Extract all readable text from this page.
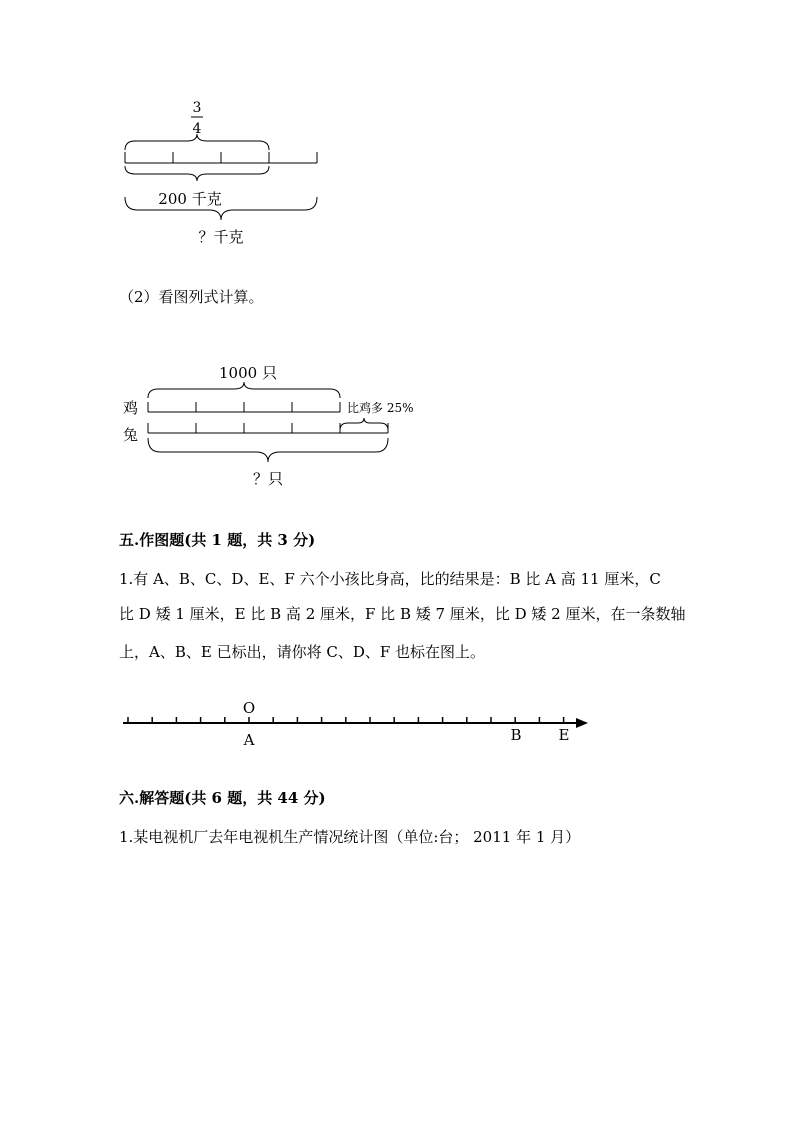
3
4
200 千克
？千克
（2）看图列式计算。
1000 只
鸡	比鸡多 25%
兔
？只
五.作图题(共 1 题，共 3 分)
1.有 A、B、C、D、E、F 六个小孩比身高，比的结果是：B 比 A 高 11 厘米，C
比 D 矮 1 厘米，E 比 B 高 2 厘米，F 比 B 矮 7 厘米，比 D 矮 2 厘米，在一条数轴
上，A、B、E 已标出，请你将 C、D、F 也标在图上。
O
A	B E
六.解答题(共 6 题，共 44 分)
1.某电视机厂去年电视机生产情况统计图（单位:台； 2011 年 1 月）
